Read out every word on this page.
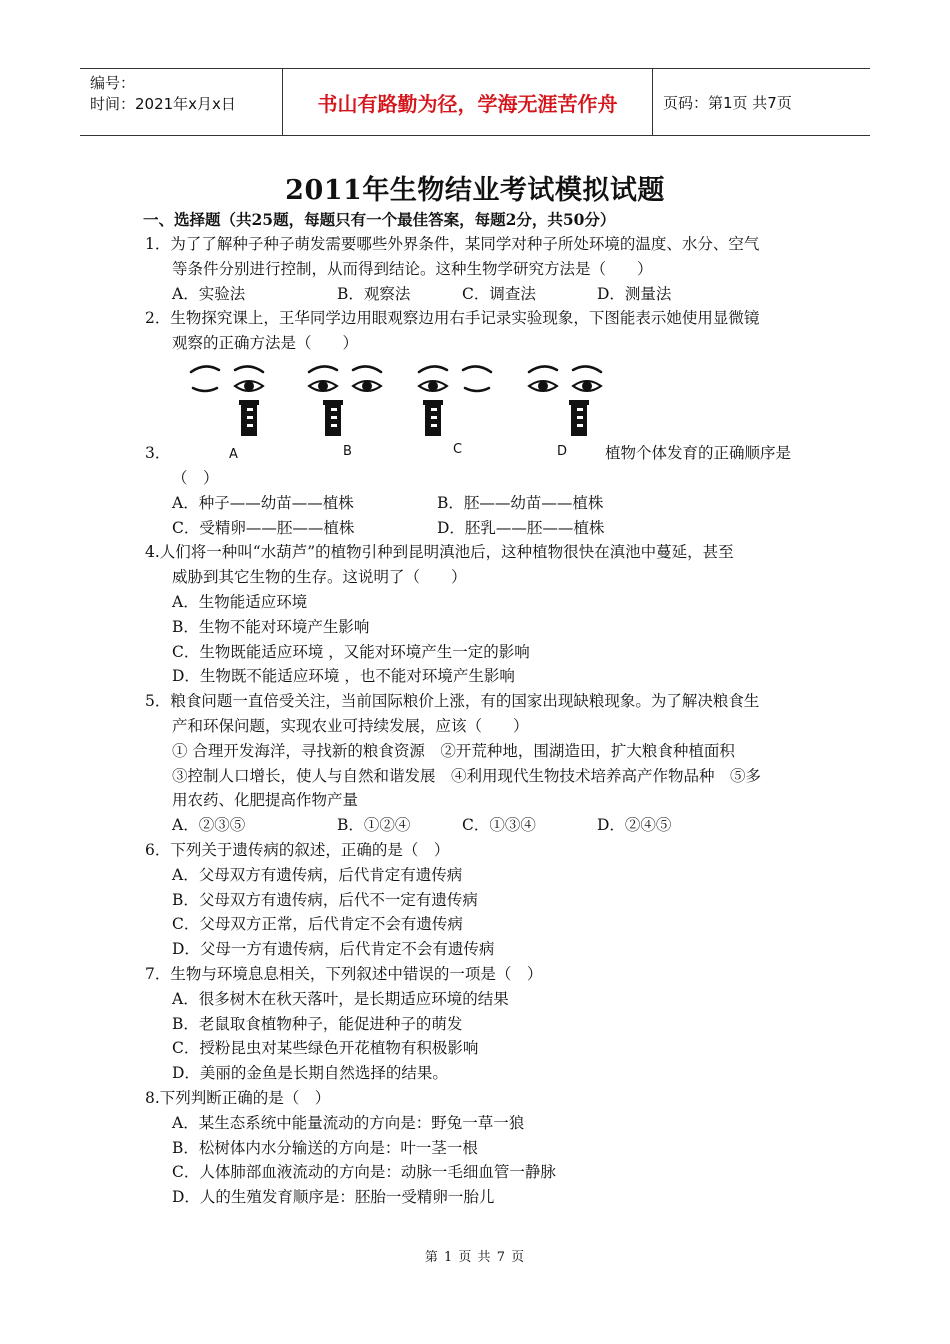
编号：
时间：2021年x月x日	书山有路勤为径，学海无涯苦作舟	页码：第1页 共7页
2011年生物结业考试模拟试题
一、选择题（共25题，每题只有一个最佳答案，每题2分，共50分）
1．为了了解种子种子萌发需要哪些外界条件，某同学对种子所处环境的温度、水分、空气
等条件分别进行控制，从而得到结论。这种生物学研究方法是（　　）
A．实验法	B．观察法	C．调查法	D．测量法
2．生物探究课上，王华同学边用眼观察边用右手记录实验现象，下图能表示她使用显微镜
观察的正确方法是（　　）
3．	A	B	C	D 植物个体发育的正确顺序是
（　）
A．种子——幼苗——植株	B．胚——幼苗——植株
C．受精卵——胚——植株	D．胚乳——胚——植株
4.人们将一种叫“水葫芦”的植物引种到昆明滇池后，这种植物很快在滇池中蔓延，甚至
威胁到其它生物的生存。这说明了（　　）
A．生物能适应环境
B．生物不能对环境产生影响
C．生物既能适应环境 ，又能对环境产生一定的影响
D．生物既不能适应环境 ，也不能对环境产生影响
5．粮食问题一直倍受关注，当前国际粮价上涨，有的国家出现缺粮现象。为了解决粮食生
产和环保问题，实现农业可持续发展，应该（　　）
① 合理开发海洋，寻找新的粮食资源　②开荒种地，围湖造田，扩大粮食种植面积
③控制人口增长，使人与自然和谐发展　④利用现代生物技术培养高产作物品种　⑤多
用农药、化肥提高作物产量
A．②③⑤	B．①②④	C．①③④	D．②④⑤
6．下列关于遗传病的叙述，正确的是（　）
A．父母双方有遗传病，后代肯定有遗传病
B．父母双方有遗传病，后代不一定有遗传病
C．父母双方正常，后代肯定不会有遗传病
D．父母一方有遗传病，后代肯定不会有遗传病
7．生物与环境息息相关，下列叙述中错误的一项是（　）
A．很多树木在秋天落叶，是长期适应环境的结果
B．老鼠取食植物种子，能促进种子的萌发
C．授粉昆虫对某些绿色开花植物有积极影响
D．美丽的金鱼是长期自然选择的结果。
8.下列判断正确的是（　）
A．某生态系统中能量流动的方向是：野兔一草一狼
B．松树体内水分输送的方向是：叶一茎一根
C．人体肺部血液流动的方向是：动脉一毛细血管一静脉
D．人的生殖发育顺序是：胚胎一受精卵一胎儿
第 1 页 共 7 页
